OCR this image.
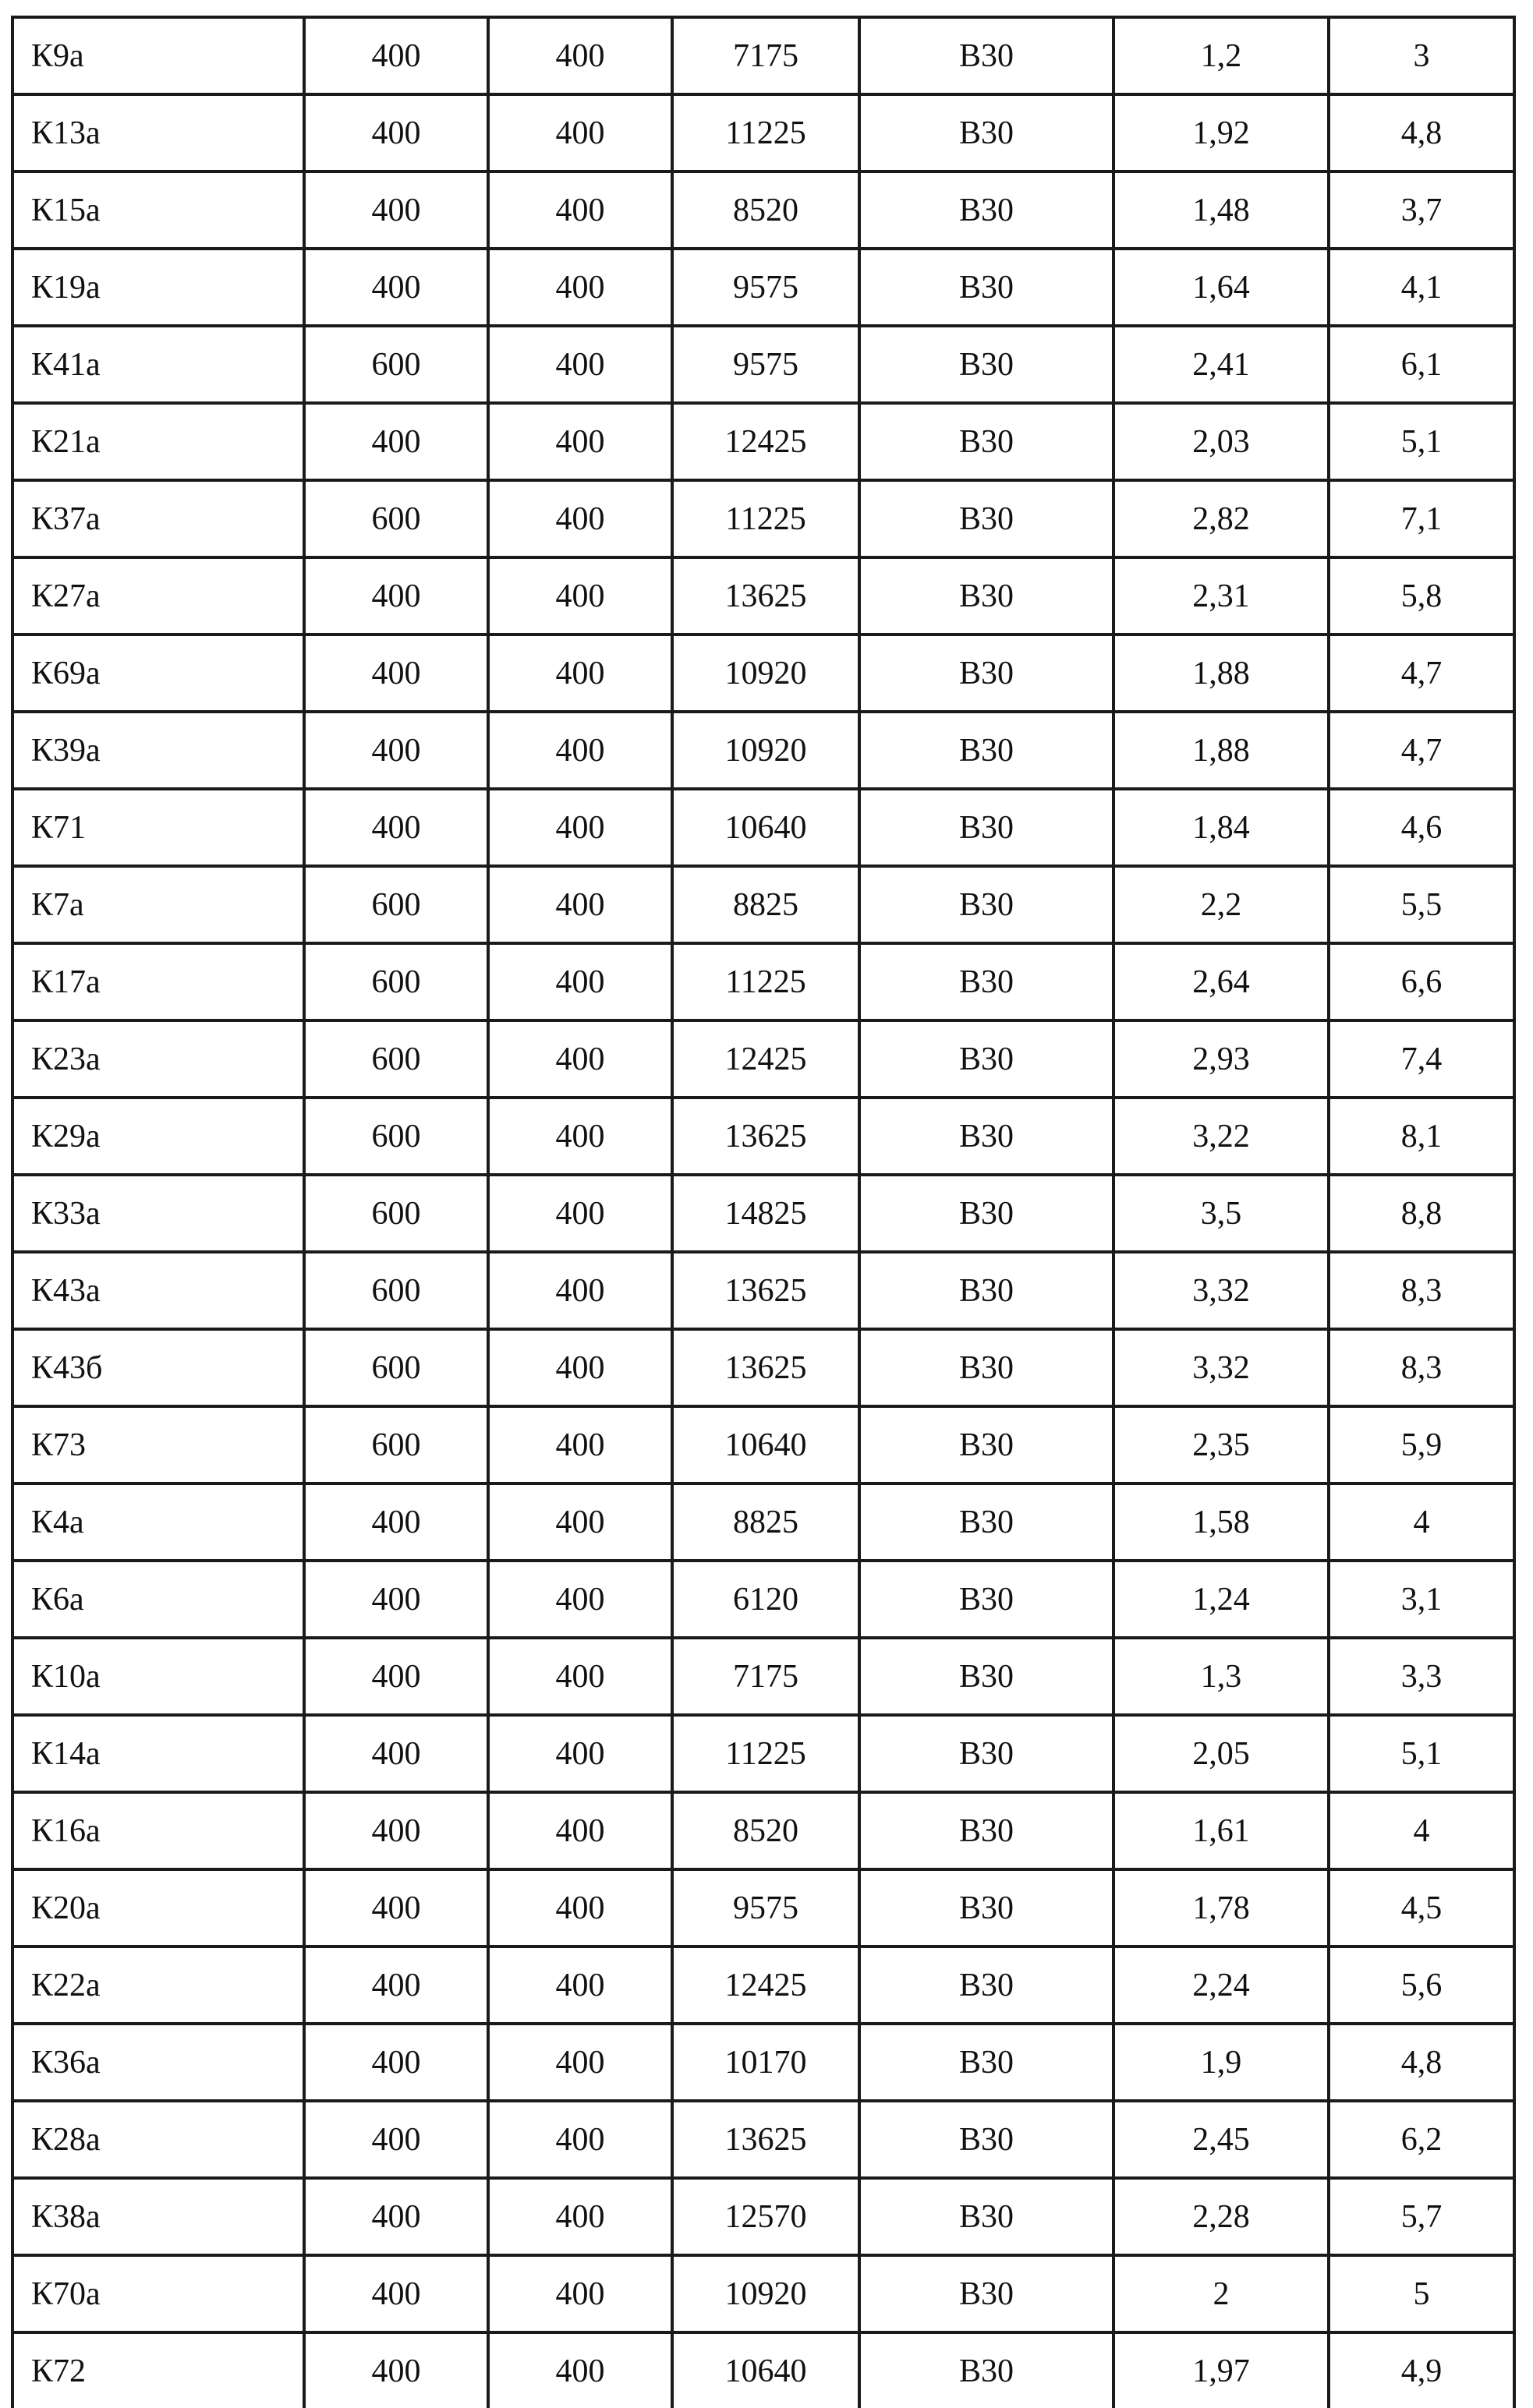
К9а	400	400	7175	В30	1,2	3
К13а	400	400	11225	В30	1,92	4,8
К15а	400	400	8520	В30	1,48	3,7
К19а	400	400	9575	В30	1,64	4,1
К41а	600	400	9575	В30	2,41	6,1
К21а	400	400	12425	В30	2,03	5,1
К37а	600	400	11225	В30	2,82	7,1
К27а	400	400	13625	В30	2,31	5,8
К69а	400	400	10920	В30	1,88	4,7
К39а	400	400	10920	В30	1,88	4,7
К71	400	400	10640	В30	1,84	4,6
К7а	600	400	8825	В30	2,2	5,5
К17а	600	400	11225	В30	2,64	6,6
К23а	600	400	12425	В30	2,93	7,4
К29а	600	400	13625	В30	3,22	8,1
К33а	600	400	14825	В30	3,5	8,8
К43а	600	400	13625	В30	3,32	8,3
К43б	600	400	13625	В30	3,32	8,3
К73	600	400	10640	В30	2,35	5,9
К4а	400	400	8825	В30	1,58	4
К6а	400	400	6120	В30	1,24	3,1
К10а	400	400	7175	В30	1,3	3,3
К14а	400	400	11225	В30	2,05	5,1
К16а	400	400	8520	В30	1,61	4
К20а	400	400	9575	В30	1,78	4,5
К22а	400	400	12425	В30	2,24	5,6
К36а	400	400	10170	В30	1,9	4,8
К28а	400	400	13625	В30	2,45	6,2
К38а	400	400	12570	В30	2,28	5,7
К70а	400	400	10920	В30	2	5
К72	400	400	10640	В30	1,97	4,9
